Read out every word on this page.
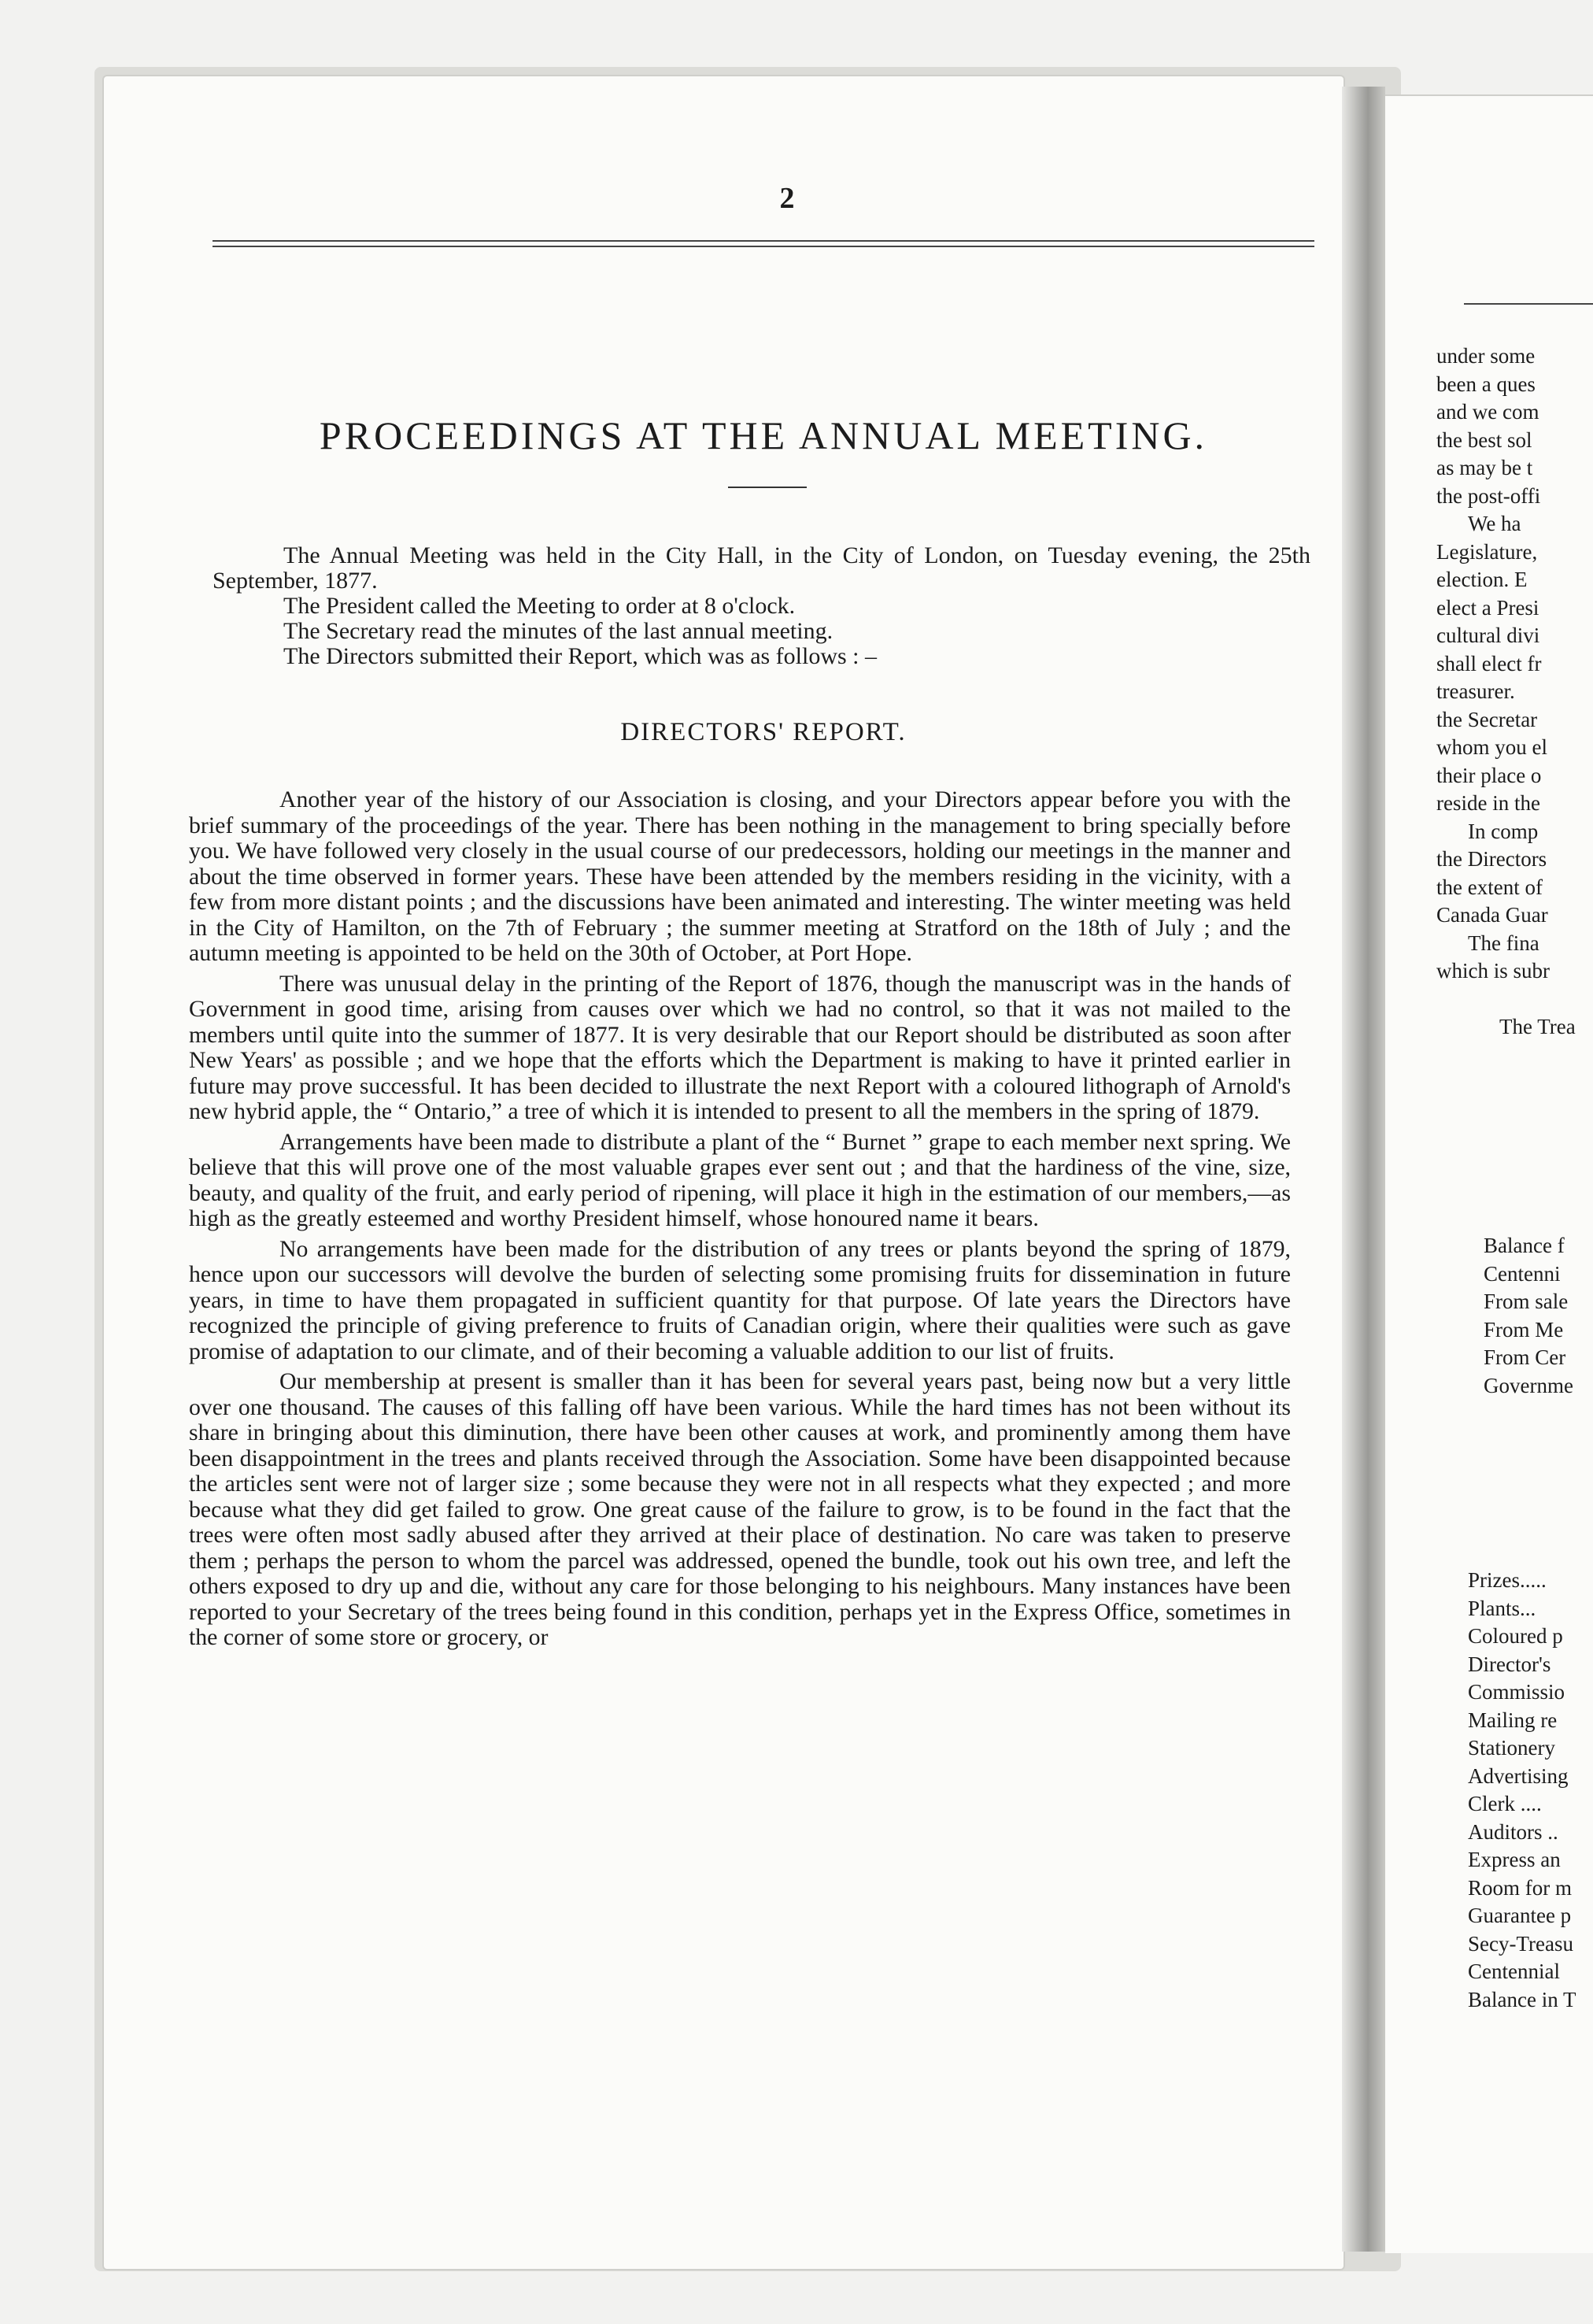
2
PROCEEDINGS AT THE ANNUAL MEETING.

The Annual Meeting was held in the City Hall, in the City of London, on Tuesday evening, the 25th September, 1877.

The President called the Meeting to order at 8 o'clock.

The Secretary read the minutes of the last annual meeting.

The Directors submitted their Report, which was as follows : –

DIRECTORS' REPORT.

Another year of the history of our Association is closing, and your Directors appear before you with the brief summary of the proceedings of the year. There has been nothing in the management to bring specially before you. We have followed very closely in the usual course of our predecessors, holding our meetings in the manner and about the time observed in former years. These have been attended by the members residing in the vicinity, with a few from more distant points ; and the discussions have been animated and interesting. The winter meeting was held in the City of Hamilton, on the 7th of February ; the summer meeting at Stratford on the 18th of July ; and the autumn meeting is appointed to be held on the 30th of October, at Port Hope.

There was unusual delay in the printing of the Report of 1876, though the manuscript was in the hands of Government in good time, arising from causes over which we had no control, so that it was not mailed to the members until quite into the summer of 1877. It is very desirable that our Report should be distributed as soon after New Years' as possible ; and we hope that the efforts which the Department is making to have it printed earlier in future may prove successful. It has been decided to illustrate the next Report with a coloured lithograph of Arnold's new hybrid apple, the “ Ontario,” a tree of which it is intended to present to all the members in the spring of 1879.

Arrangements have been made to distribute a plant of the “ Burnet ” grape to each member next spring. We believe that this will prove one of the most valuable grapes ever sent out ; and that the hardiness of the vine, size, beauty, and quality of the fruit, and early period of ripening, will place it high in the estimation of our members,—as high as the greatly esteemed and worthy President himself, whose honoured name it bears.

No arrangements have been made for the distribution of any trees or plants beyond the spring of 1879, hence upon our successors will devolve the burden of selecting some promising fruits for dissemination in future years, in time to have them propagated in sufficient quantity for that purpose. Of late years the Directors have recognized the principle of giving preference to fruits of Canadian origin, where their qualities were such as gave promise of adaptation to our climate, and of their becoming a valuable addition to our list of fruits.

Our membership at present is smaller than it has been for several years past, being now but a very little over one thousand. The causes of this falling off have been various. While the hard times has not been without its share in bringing about this diminution, there have been other causes at work, and prominently among them have been disappointment in the trees and plants received through the Association. Some have been disappointed because the articles sent were not of larger size ; some because they were not in all respects what they expected ; and more because what they did get failed to grow. One great cause of the failure to grow, is to be found in the fact that the trees were often most sadly abused after they arrived at their place of destination. No care was taken to preserve them ; perhaps the person to whom the parcel was addressed, opened the bundle, took out his own tree, and left the others exposed to dry up and die, without any care for those belonging to his neighbours. Many instances have been reported to your Secretary of the trees being found in this condition, perhaps yet in the Express Office, sometimes in the corner of some store or grocery, or

under some
been a ques
and we com
the best sol
as may be t
the post-offi
We ha
Legislature,
election. E
elect a Presi
cultural divi
shall elect fr
treasurer.
the Secretar
whom you el
their place o
reside in the
In comp
the Directors
the extent of
Canada Guar
The fina
which is subr
The Trea
Balance f
Centenni
From sale
From Me
From Cer
Governme
Prizes.....
Plants...
Coloured p
Director's
Commissio
Mailing re
Stationery
Advertising
Clerk ....
Auditors ..
Express an
Room for m
Guarantee p
Secy-Treasu
Centennial
Balance in T
